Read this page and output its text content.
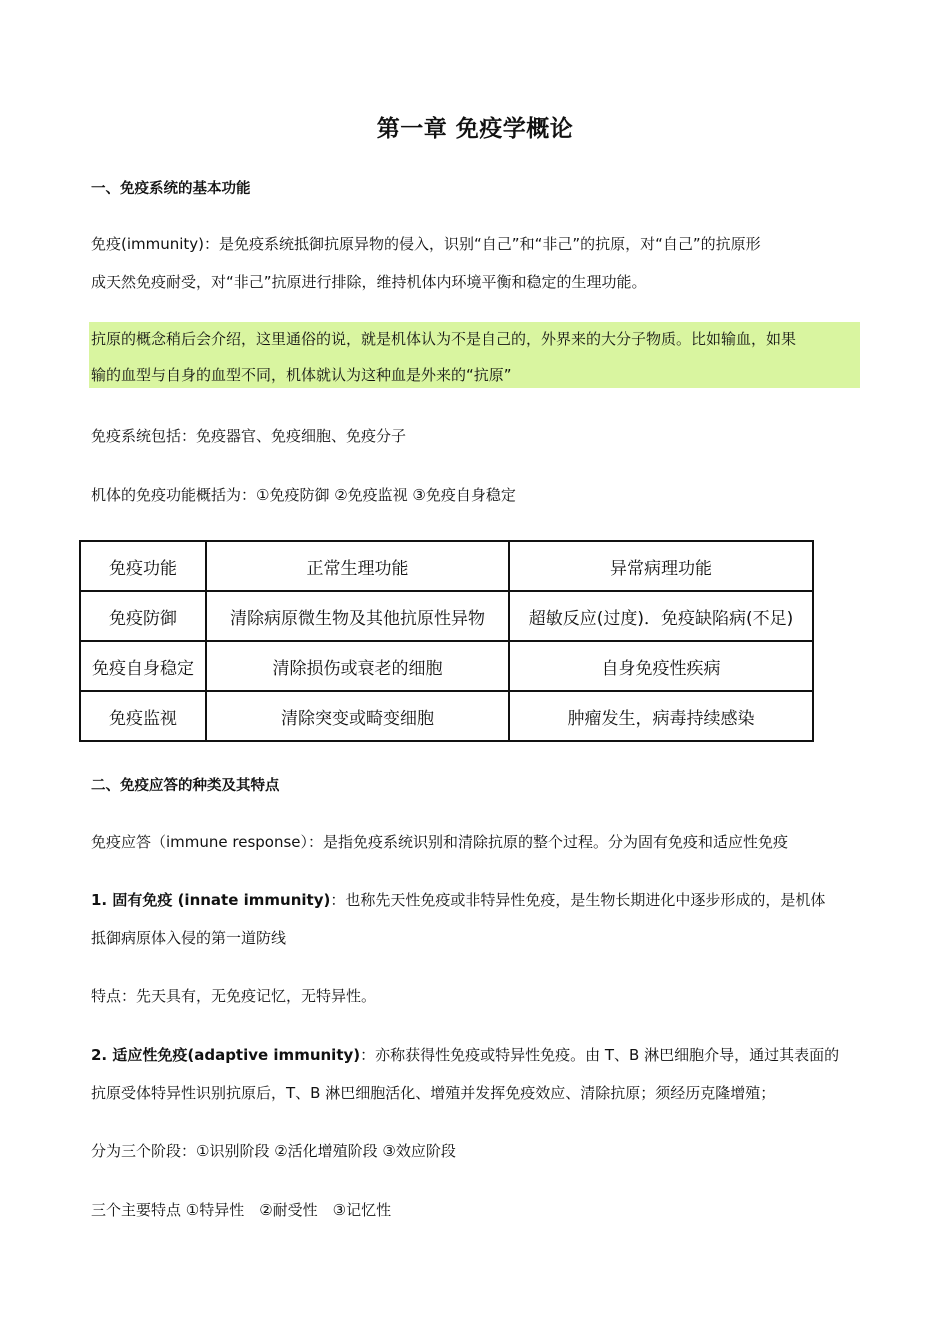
第一章 免疫学概论
一、免疫系统的基本功能
免疫(immunity)：是免疫系统抵御抗原异物的侵入，识别“自己”和“非己”的抗原，对“自己”的抗原形
成天然免疫耐受，对“非己”抗原进行排除，维持机体内环境平衡和稳定的生理功能。
抗原的概念稍后会介绍，这里通俗的说，就是机体认为不是自己的，外界来的大分子物质。比如输血，如果
输的血型与自身的血型不同，机体就认为这种血是外来的“抗原”
免疫系统包括：免疫器官、免疫细胞、免疫分子
机体的免疫功能概括为：①免疫防御 ②免疫监视 ③免疫自身稳定
免疫功能	正常生理功能	异常病理功能
免疫防御	清除病原微生物及其他抗原性异物	超敏反应(过度)．免疫缺陷病(不足)
免疫自身稳定	清除损伤或衰老的细胞	自身免疫性疾病
免疫监视	清除突变或畸变细胞	肿瘤发生，病毒持续感染
二、免疫应答的种类及其特点
免疫应答（immune response）：是指免疫系统识别和清除抗原的整个过程。分为固有免疫和适应性免疫
1. 固有免疫 (innate immunity)：也称先天性免疫或非特异性免疫，是生物长期进化中逐步形成的，是机体
抵御病原体入侵的第一道防线
特点：先天具有，无免疫记忆，无特异性。
2. 适应性免疫(adaptive immunity)：亦称获得性免疫或特异性免疫。由 T、B 淋巴细胞介导，通过其表面的
抗原受体特异性识别抗原后，T、B 淋巴细胞活化、增殖并发挥免疫效应、清除抗原；须经历克隆增殖；
分为三个阶段：①识别阶段 ②活化增殖阶段 ③效应阶段
三个主要特点 ①特异性　②耐受性　③记忆性
